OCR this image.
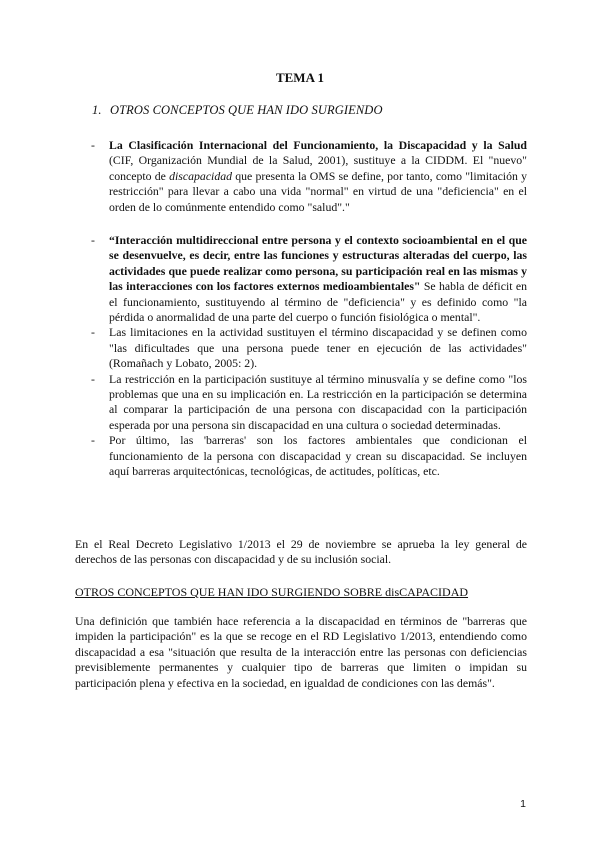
TEMA 1
1. OTROS CONCEPTOS QUE HAN IDO SURGIENDO
- La Clasificación Internacional del Funcionamiento, la Discapacidad y la Salud (CIF, Organización Mundial de la Salud, 2001), sustituye a la CIDDM. El "nuevo" concepto de discapacidad que presenta la OMS se define, por tanto, como "limitación y restricción" para llevar a cabo una vida "normal" en virtud de una "deficiencia" en el orden de lo comúnmente entendido como "salud"."
- “Interacción multidireccional entre persona y el contexto socioambiental en el que se desenvuelve, es decir, entre las funciones y estructuras alteradas del cuerpo, las actividades que puede realizar como persona, su participación real en las mismas y las interacciones con los factores externos medioambientales" Se habla de déficit en el funcionamiento, sustituyendo al término de "deficiencia" y es definido como "la pérdida o anormalidad de una parte del cuerpo o función fisiológica o mental".
- Las limitaciones en la actividad sustituyen el término discapacidad y se definen como "las dificultades que una persona puede tener en ejecución de las actividades" (Romañach y Lobato, 2005: 2).
- La restricción en la participación sustituye al término minusvalía y se define como "los problemas que una en su implicación en. La restricción en la participación se determina al comparar la participación de una persona con discapacidad con la participación esperada por una persona sin discapacidad en una cultura o sociedad determinadas.
- Por último, las 'barreras' son los factores ambientales que condicionan el funcionamiento de la persona con discapacidad y crean su discapacidad. Se incluyen aquí barreras arquitectónicas, tecnológicas, de actitudes, políticas, etc.
En el Real Decreto Legislativo 1/2013 el 29 de noviembre se aprueba la ley general de derechos de las personas con discapacidad y de su inclusión social.
OTROS CONCEPTOS QUE HAN IDO SURGIENDO SOBRE disCAPACIDAD
Una definición que también hace referencia a la discapacidad en términos de "barreras que impiden la participación" es la que se recoge en el RD Legislativo 1/2013, entendiendo como discapacidad a esa "situación que resulta de la interacción entre las personas con deficiencias previsiblemente permanentes y cualquier tipo de barreras que limiten o impidan su participación plena y efectiva en la sociedad, en igualdad de condiciones con las demás".
1
